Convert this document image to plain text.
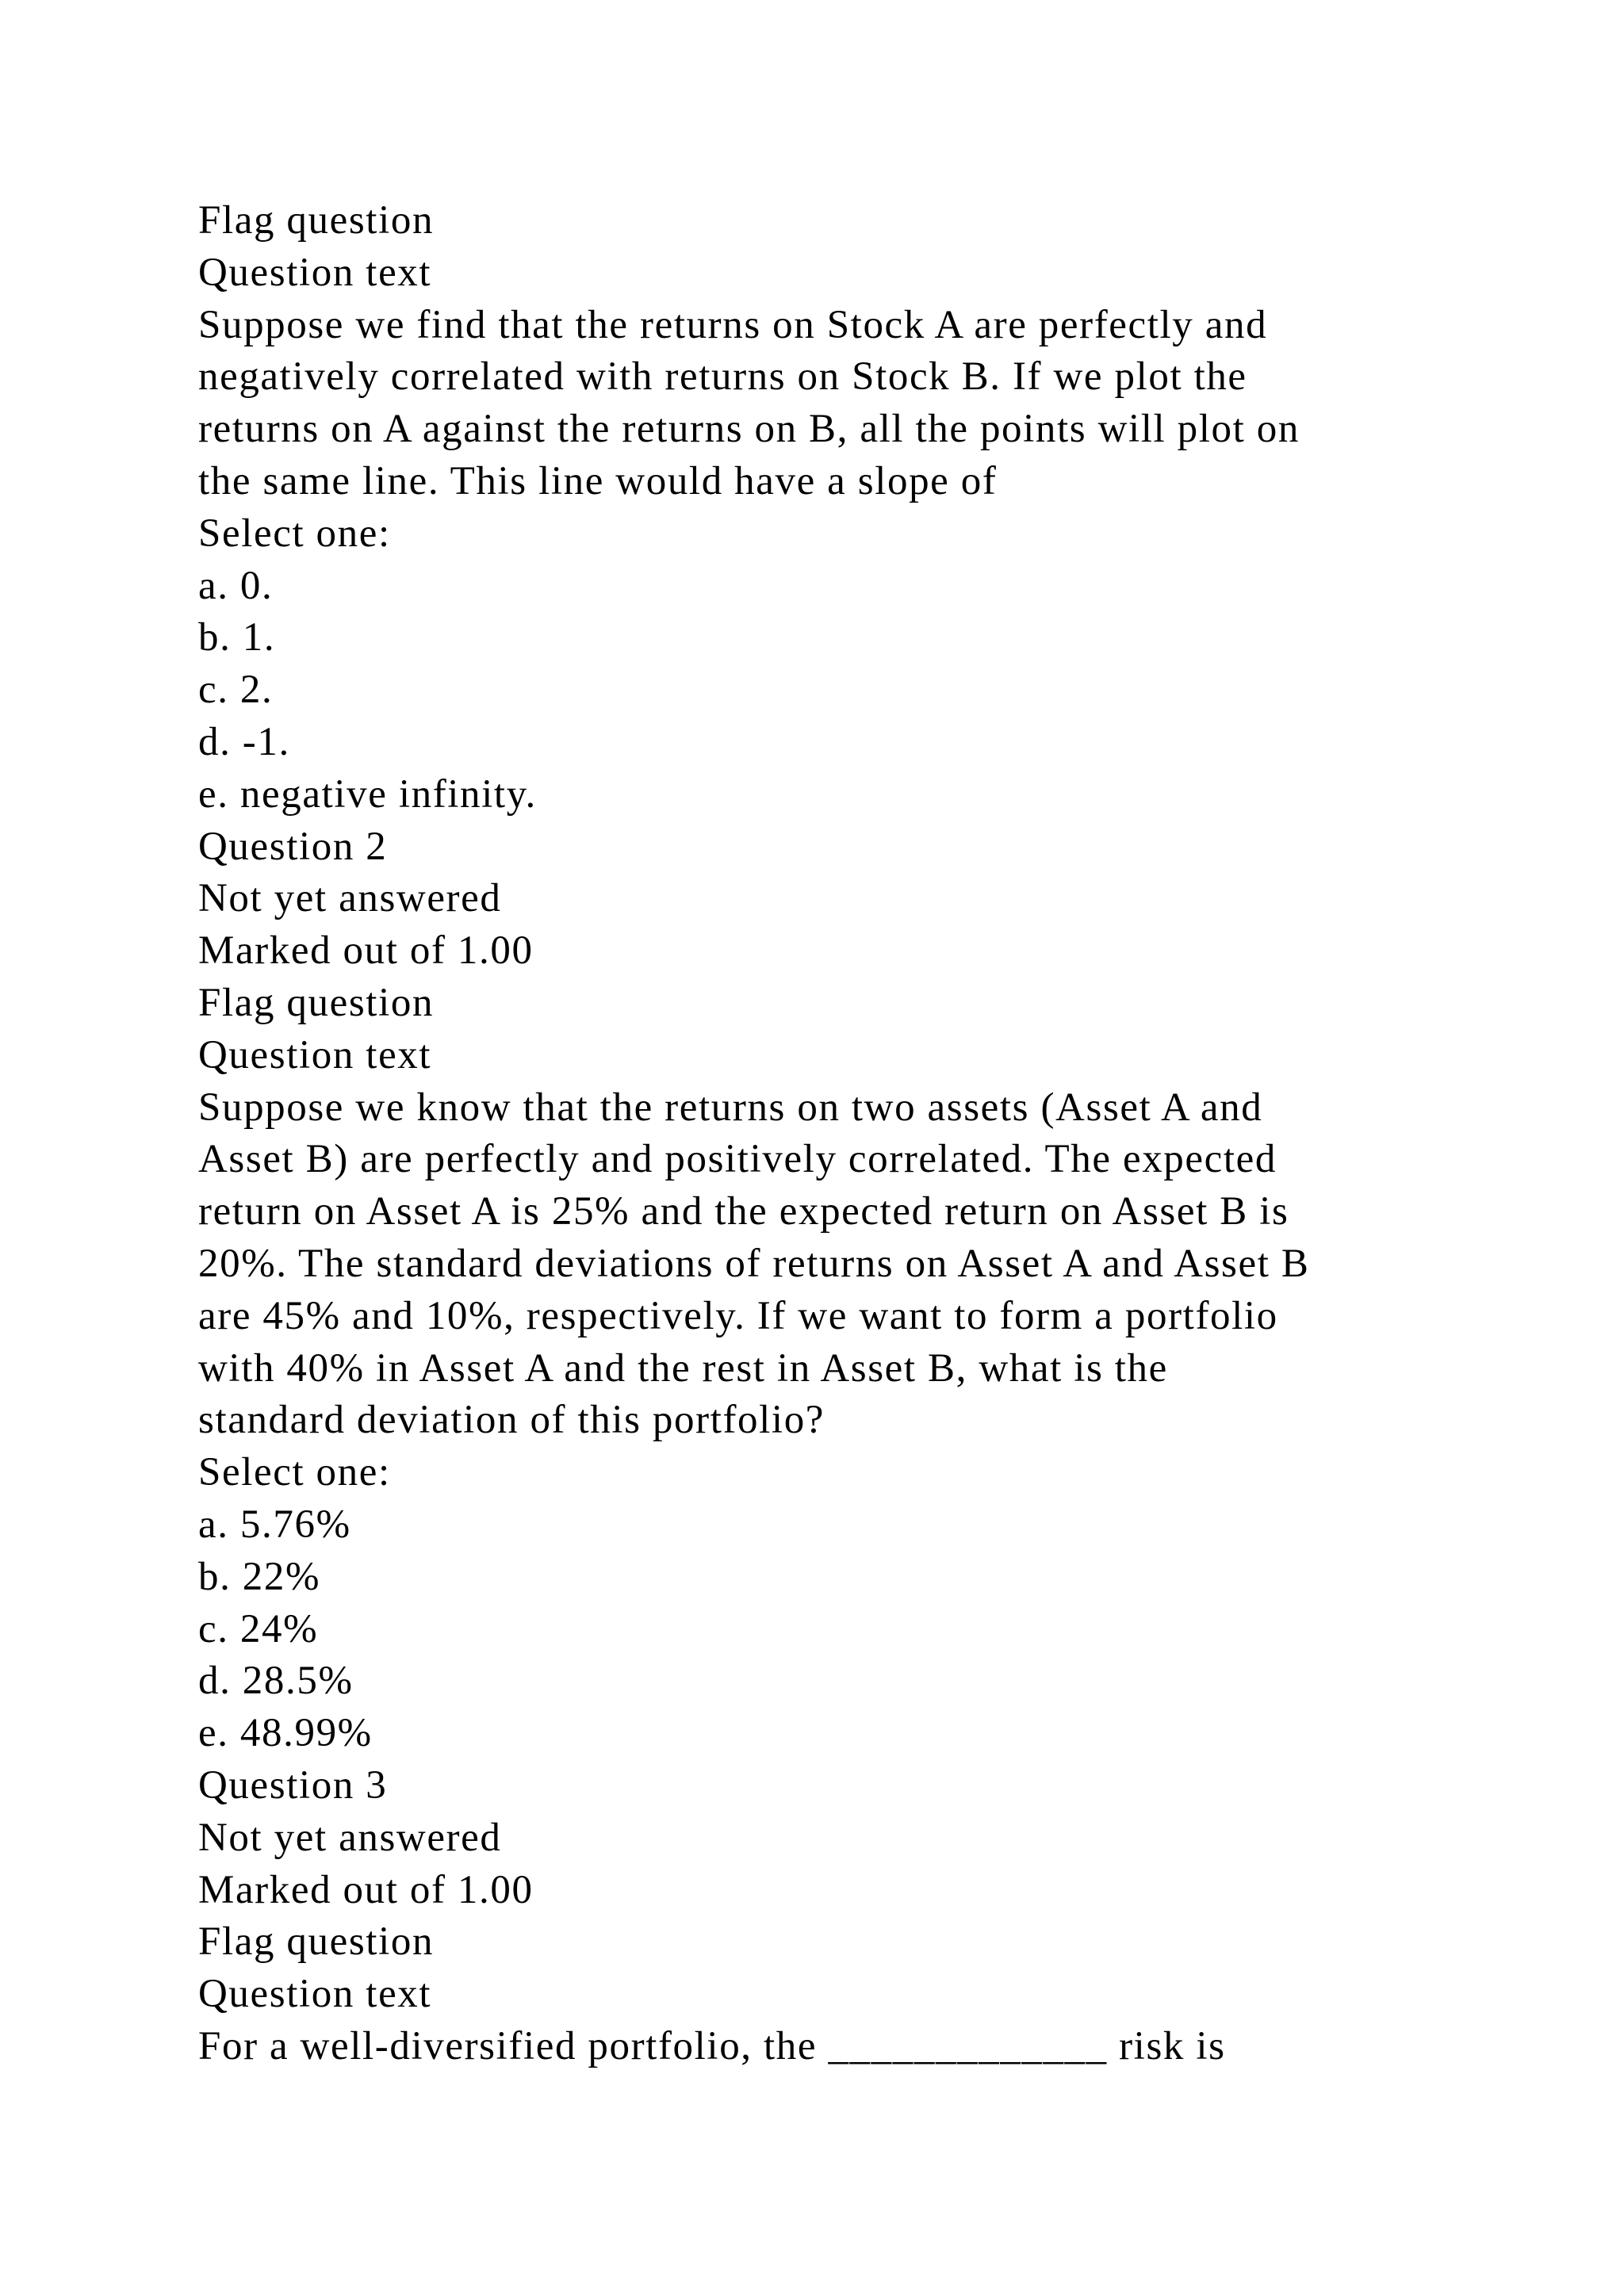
Flag question
Question text
Suppose we find that the returns on Stock A are perfectly and
negatively correlated with returns on Stock B. If we plot the
returns on A against the returns on B, all the points will plot on
the same line. This line would have a slope of
Select one:
a. 0.
b. 1.
c. 2.
d. -1.
e. negative infinity.
Question 2
Not yet answered
Marked out of 1.00
Flag question
Question text
Suppose we know that the returns on two assets (Asset A and
Asset B) are perfectly and positively correlated. The expected
return on Asset A is 25% and the expected return on Asset B is
20%. The standard deviations of returns on Asset A and Asset B
are 45% and 10%, respectively. If we want to form a portfolio
with 40% in Asset A and the rest in Asset B, what is the
standard deviation of this portfolio?
Select one:
a. 5.76%
b. 22%
c. 24%
d. 28.5%
e. 48.99%
Question 3
Not yet answered
Marked out of 1.00
Flag question
Question text
For a well-diversified portfolio, the _____________ risk is
